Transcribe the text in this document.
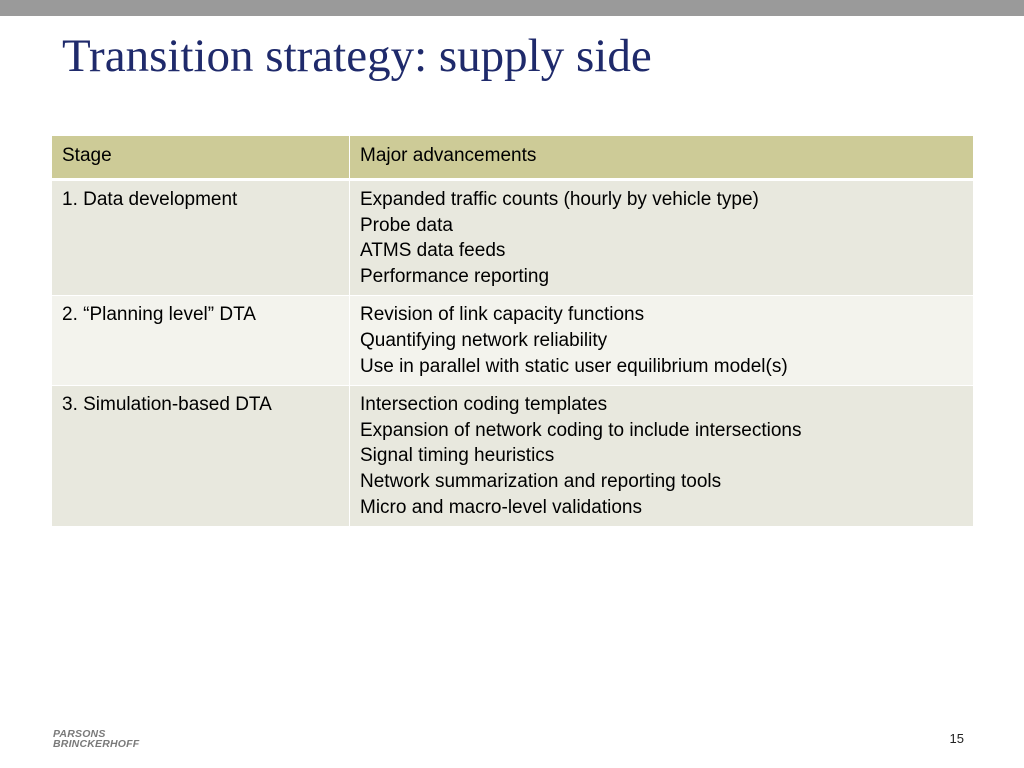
Transition strategy: supply side
Stage	Major advancements
1. Data development	Expanded traffic counts (hourly by vehicle type)
Probe data
ATMS data feeds
Performance reporting

2. “Planning level” DTA	Revision of link capacity functions
Quantifying network reliability
Use in parallel with static user equilibrium model(s)

3. Simulation-based DTA	Intersection coding templates
Expansion of network coding to include intersections
Signal timing heuristics
Network summarization and reporting tools
Micro and macro-level validations
PARSONS
BRINCKERHOFF	15
